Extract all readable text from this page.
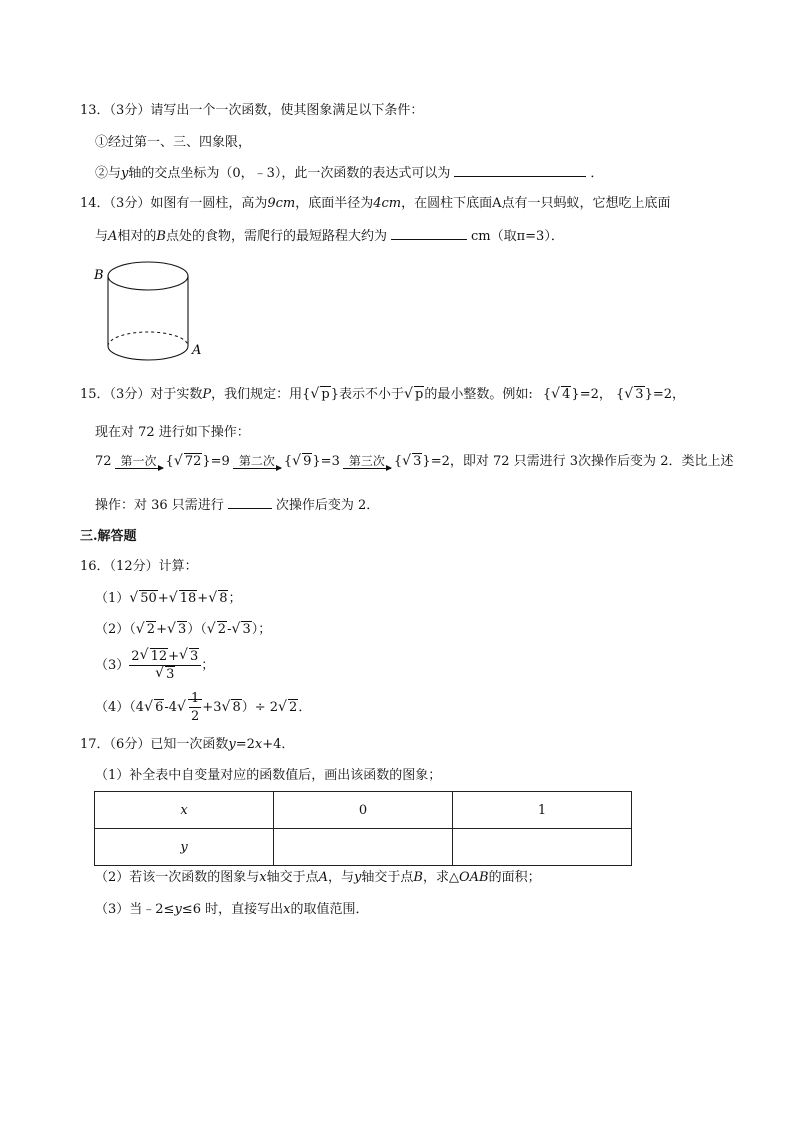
13．（3分）请写出一个一次函数，使其图象满足以下条件：
①经过第一、三、四象限，
②与y轴的交点坐标为（0，﹣3），此一次函数的表达式可以为	．
14．（3分）如图有一圆柱，高为9cm，底面半径为4cm，在圆柱下底面A点有一只蚂蚁，它想吃上底面
与A相对的B点处的食物，需爬行的最短路程大约为	cm（取π=3）．
B
A
15．（3分）对于实数P，我们规定：用{ √ p}表示不小于 √ p的最小整数。例如: { √ 4}=2， { √ 3}=2，
现在对 72 进行如下操作：
72 第一次 { √ 72}=9 第二次 { √ 9}=3 第三次 { √ 3}=2，即对 72 只需进行 3次操作后变为 2．类比上述
操作：对 36 只需进行	次操作后变为 2．
三.解答题
16．（12分）计算：
（1） √ 50+ √ 18+ √ 8；
（2）（ √ 2+ √ 3）（ √ 2- √ 3）；
（3） 2 √ 12+ √ 3
√ 3 ；
（4）（4 √ 6-4 √ $\frac{1}{2} +3$ √ 8）÷ 2 √ 2．
17．（6分）已知一次函数y=2x+4．
（1）补全表中自变量对应的函数值后，画出该函数的图象；
x	0	1
y		
（2）若该一次函数的图象与x轴交于点A，与y轴交于点B，求△OAB的面积；
（3）当﹣2≤y≤6 时，直接写出x的取值范围．
